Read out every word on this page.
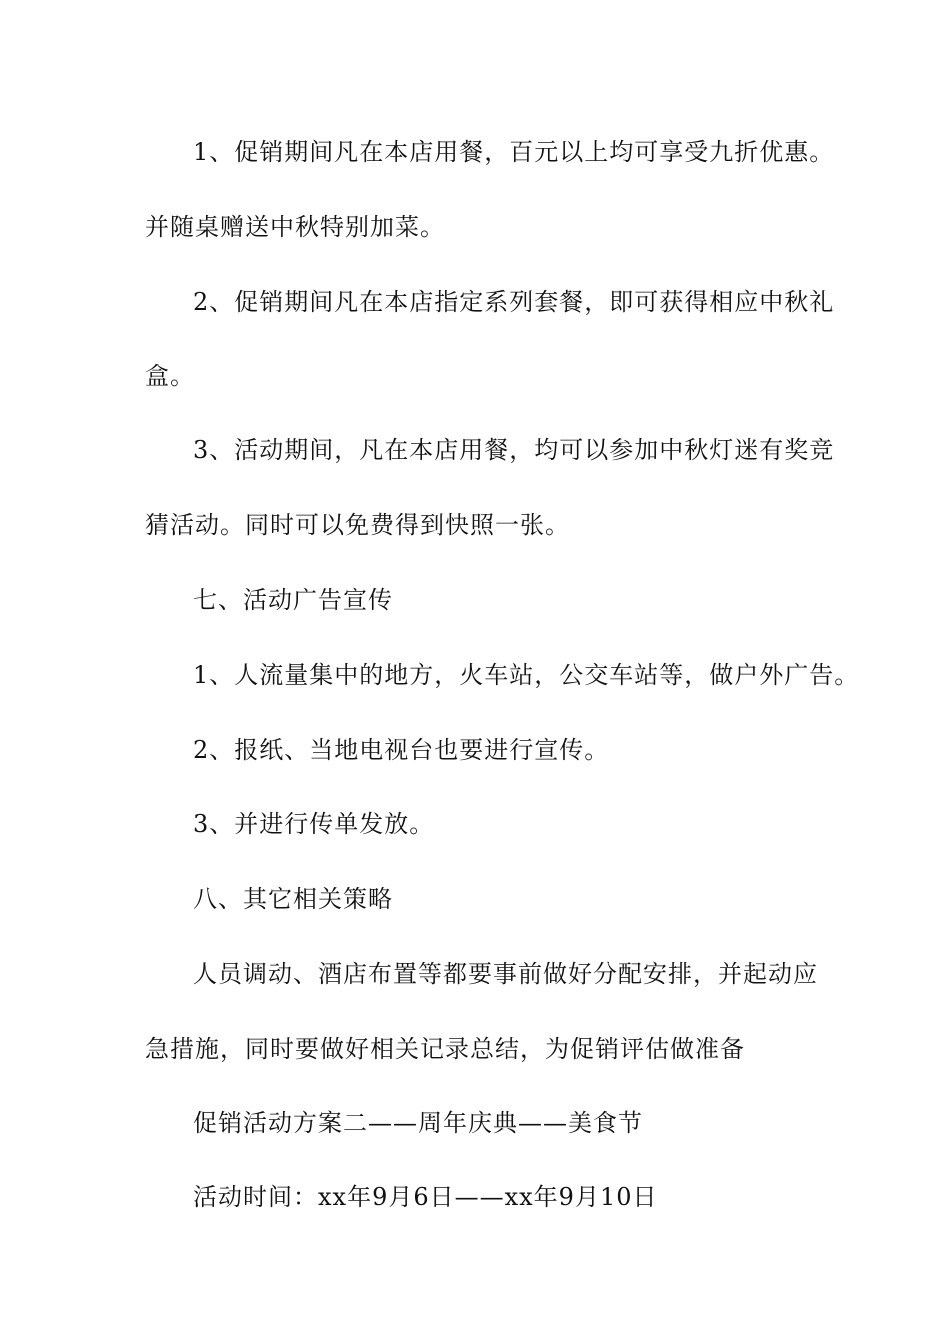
1、促销期间凡在本店用餐，百元以上均可享受九折优惠。
并随桌赠送中秋特别加菜。
2、促销期间凡在本店指定系列套餐，即可获得相应中秋礼
盒。
3、活动期间，凡在本店用餐，均可以参加中秋灯迷有奖竞
猜活动。同时可以免费得到快照一张。
七、活动广告宣传
1、人流量集中的地方，火车站，公交车站等，做户外广告。
2、报纸、当地电视台也要进行宣传。
3、并进行传单发放。
八、其它相关策略
人员调动、酒店布置等都要事前做好分配安排，并起动应
急措施，同时要做好相关记录总结，为促销评估做准备
促销活动方案二——周年庆典——美食节
活动时间：xx年9月6日——xx年9月10日
